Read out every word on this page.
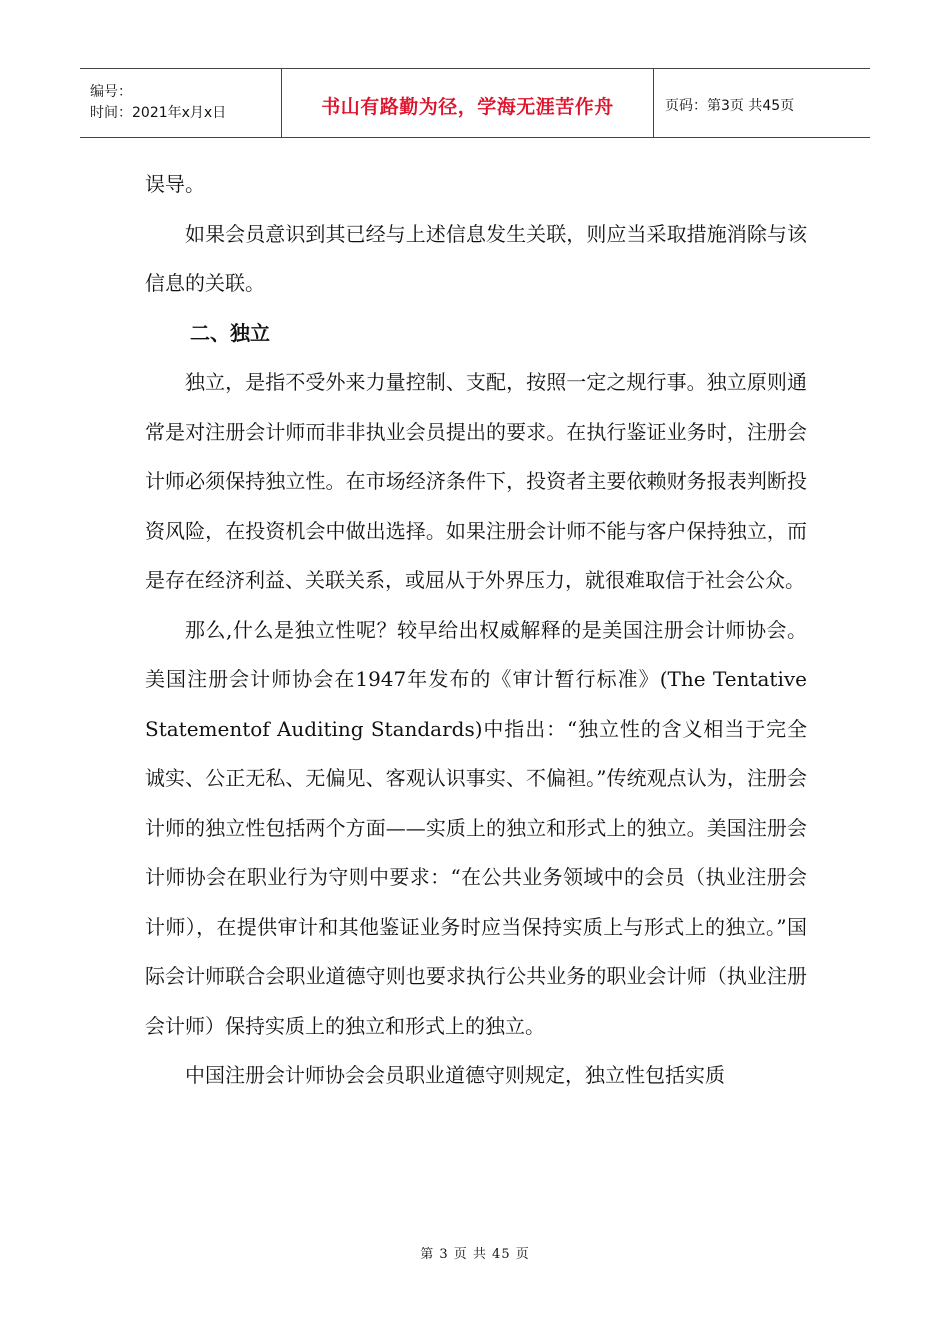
编号：
时间：2021年x月x日	书山有路勤为径，学海无涯苦作舟	页码：第3页 共45页

误导。

如果会员意识到其已经与上述信息发生关联，则应当采取措施消除与该信息的关联。

二、独立

独立，是指不受外来力量控制、支配，按照一定之规行事。独立原则通常是对注册会计师而非非执业会员提出的要求。在执行鉴证业务时，注册会计师必须保持独立性。在市场经济条件下，投资者主要依赖财务报表判断投资风险，在投资机会中做出选择。如果注册会计师不能与客户保持独立，而是存在经济利益、关联关系，或屈从于外界压力，就很难取信于社会公众。

那么,什么是独立性呢？较早给出权威解释的是美国注册会计师协会。美国注册会计师协会在1947年发布的《审计暂行标准》(The Tentative Statementof Auditing Standards)中指出：“独立性的含义相当于完全诚实、公正无私、无偏见、客观认识事实、不偏袒。”传统观点认为，注册会计师的独立性包括两个方面——实质上的独立和形式上的独立。美国注册会计师协会在职业行为守则中要求：“在公共业务领域中的会员（执业注册会计师），在提供审计和其他鉴证业务时应当保持实质上与形式上的独立。”国际会计师联合会职业道德守则也要求执行公共业务的职业会计师（执业注册会计师）保持实质上的独立和形式上的独立。

中国注册会计师协会会员职业道德守则规定，独立性包括实质

第 3 页 共 45 页
